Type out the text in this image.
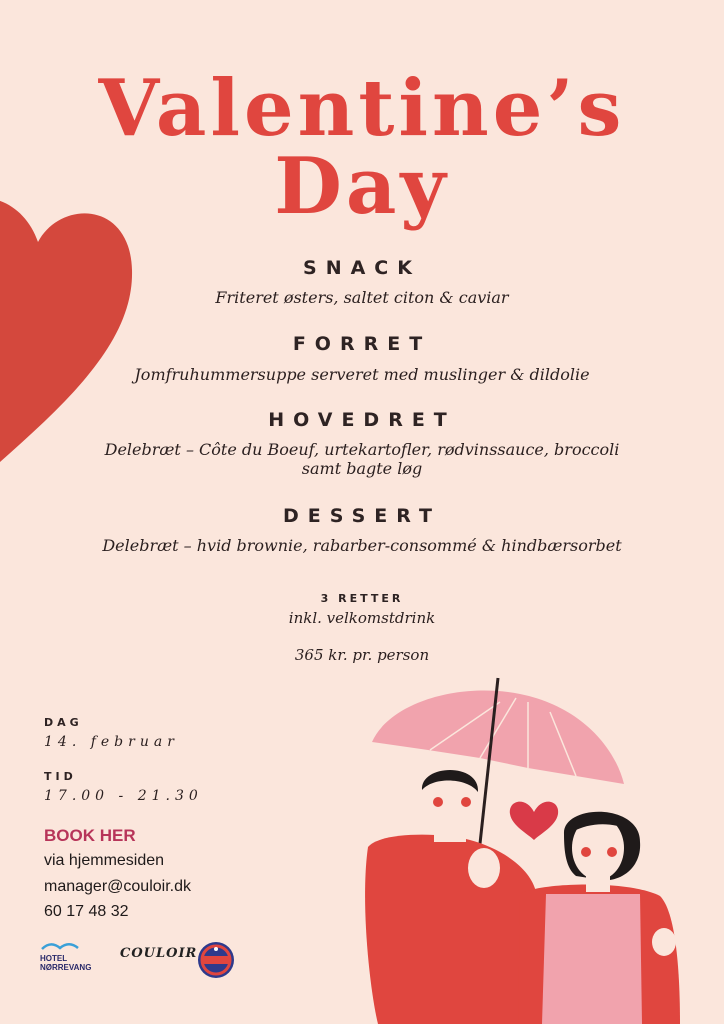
Valentine’s
Day
SNACK
Friteret østers, saltet citon & caviar
FORRET
Jomfruhummersuppe serveret med muslinger & dildolie
HOVEDRET
Delebræt – Côte du Boeuf, urtekartofler, rødvinssauce, broccoli
samt bagte løg
DESSERT
Delebræt – hvid brownie, rabarber-consommé & hindbærsorbet
3 RETTER
inkl. velkomstdrink
365 kr. pr. person
DAG
14. februar
TID
17.00 - 21.30
BOOK HER
via hjemmesiden
manager@couloir.dk
60 17 48 32
HOTEL
NØRREVANG
COULOIR
